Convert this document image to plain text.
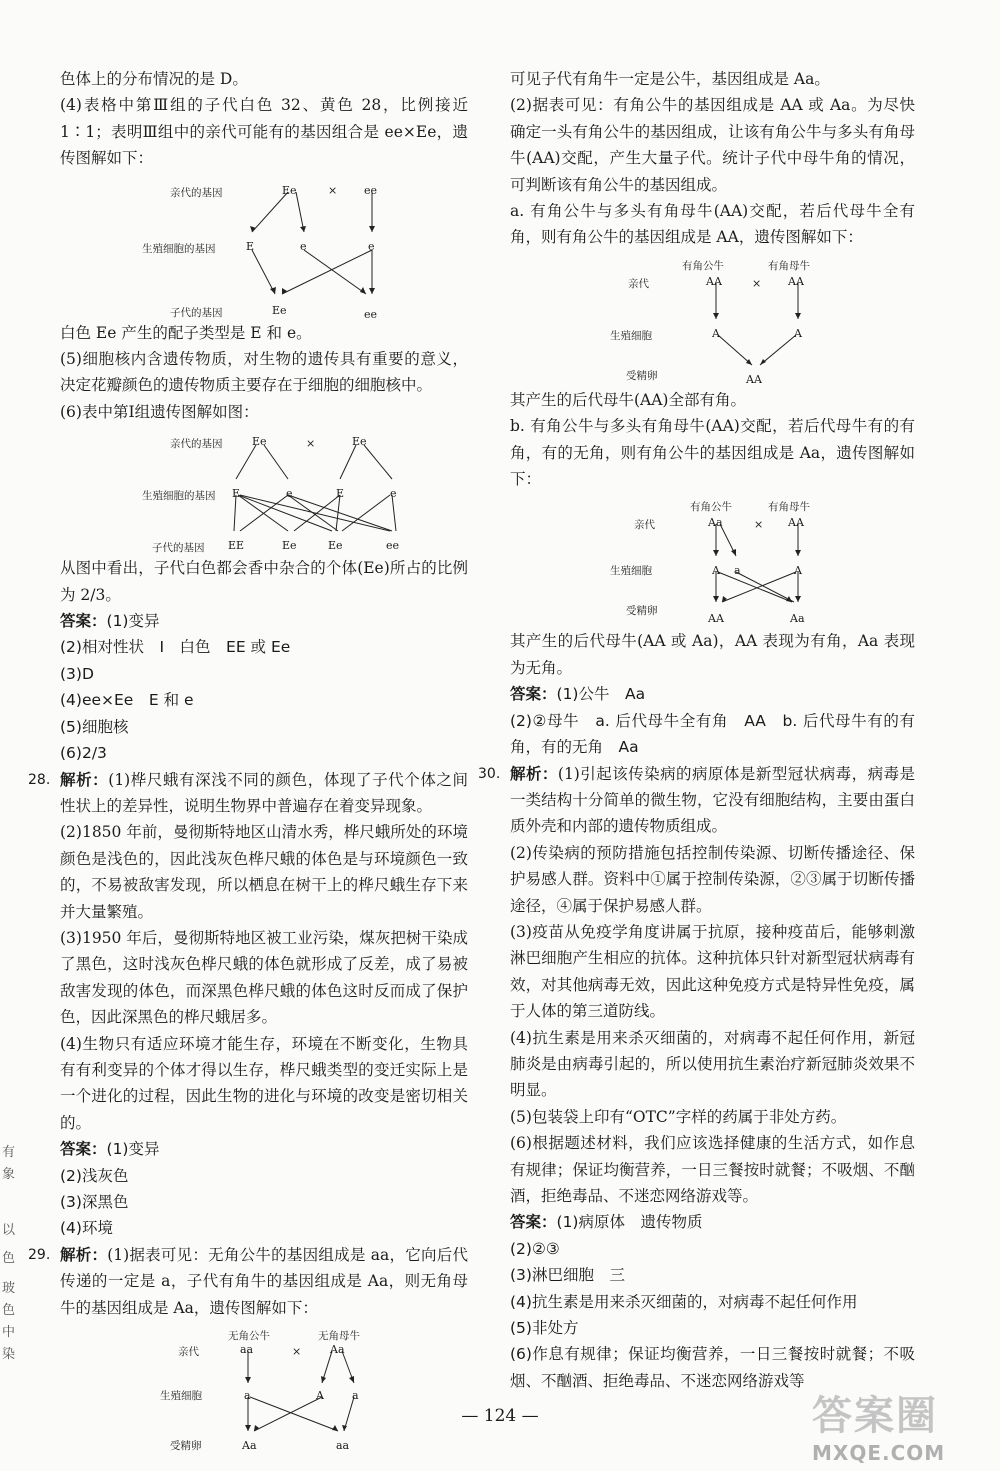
有
象
以
色
玻
色
中
染

色体上的分布情况的是 D。

(4)表格中第Ⅲ组的子代白色 32、黄色 28，比例接近 1∶1；表明Ⅲ组中的亲代可能有的基因组合是 ee×Ee，遗传图解如下：

亲代的基因	Ee	× ee
生殖细胞的基因	E	e	e
子代的基因	Ee	ee

白色 Ee 产生的配子类型是 E 和 e。

(5)细胞核内含遗传物质，对生物的遗传具有重要的意义，决定花瓣颜色的遗传物质主要存在于细胞的细胞核中。

(6)表中第Ⅰ组遗传图解如图：

亲代的基因	Ee	×	Ee
生殖细胞的基因 E	e	E	e
子代的基因 EE	Ee	Ee	ee

从图中看出，子代白色都会香中杂合的个体(Ee)所占的比例为 2/3。

答案：(1)变异

(2)相对性状　Ⅰ　白色　EE 或 Ee

(3)D

(4)ee×Ee　E 和 e

(5)细胞核

(6)2/3

28. 解析：(1)桦尺蛾有深浅不同的颜色，体现了子代个体之间性状上的差异性，说明生物界中普遍存在着变异现象。

(2)1850 年前，曼彻斯特地区山清水秀，桦尺蛾所处的环境颜色是浅色的，因此浅灰色桦尺蛾的体色是与环境颜色一致的，不易被敌害发现，所以栖息在树干上的桦尺蛾生存下来并大量繁殖。

(3)1950 年后，曼彻斯特地区被工业污染，煤灰把树干染成了黑色，这时浅灰色桦尺蛾的体色就形成了反差，成了易被敌害发现的体色，而深黑色桦尺蛾的体色这时反而成了保护色，因此深黑色的桦尺蛾居多。

(4)生物只有适应环境才能生存，环境在不断变化，生物具有有利变异的个体才得以生存，桦尺蛾类型的变迁实际上是一个进化的过程，因此生物的进化与环境的改变是密切相关的。

答案：(1)变异

(2)浅灰色

(3)深黑色

(4)环境

29. 解析：(1)据表可见：无角公牛的基因组成是 aa，它向后代传递的一定是 a，子代有角牛的基因组成是 Aa，则无角母牛的基因组成是 Aa，遗传图解如下：

无角公牛	无角母牛
亲代	aa	×	Aa
生殖细胞	a	A	a
受精卵	Aa	aa

可见子代有角牛一定是公牛，基因组成是 Aa。

(2)据表可见：有角公牛的基因组成是 AA 或 Aa。为尽快确定一头有角公牛的基因组成，让该有角公牛与多头有角母牛(AA)交配，产生大量子代。统计子代中母牛角的情况，可判断该有角公牛的基因组成。

a. 有角公牛与多头有角母牛(AA)交配，若后代母牛全有角，则有角公牛的基因组成是 AA，遗传图解如下：

有角公牛	有角母牛
亲代	AA	× AA
生殖细胞	A	A
受精卵	AA

其产生的后代母牛(AA)全部有角。

b. 有角公牛与多头有角母牛(AA)交配，若后代母牛有的有角，有的无角，则有角公牛的基因组成是 Aa，遗传图解如下：

有角公牛	有角母牛
亲代	Aa	× AA
生殖细胞	A a	A
受精卵
AA	Aa

其产生的后代母牛(AA 或 Aa)，AA 表现为有角，Aa 表现为无角。

答案：(1)公牛　Aa

(2)②母牛　a. 后代母牛全有角　AA　b. 后代母牛有的有角，有的无角　Aa

30. 解析：(1)引起该传染病的病原体是新型冠状病毒，病毒是一类结构十分简单的微生物，它没有细胞结构，主要由蛋白质外壳和内部的遗传物质组成。

(2)传染病的预防措施包括控制传染源、切断传播途径、保护易感人群。资料中①属于控制传染源，②③属于切断传播途径，④属于保护易感人群。

(3)疫苗从免疫学角度讲属于抗原，接种疫苗后，能够刺激淋巴细胞产生相应的抗体。这种抗体只针对新型冠状病毒有效，对其他病毒无效，因此这种免疫方式是特异性免疫，属于人体的第三道防线。

(4)抗生素是用来杀灭细菌的，对病毒不起任何作用，新冠肺炎是由病毒引起的，所以使用抗生素治疗新冠肺炎效果不明显。

(5)包装袋上印有“OTC”字样的药属于非处方药。

(6)根据题述材料，我们应该选择健康的生活方式，如作息有规律；保证均衡营养，一日三餐按时就餐；不吸烟、不酗酒，拒绝毒品、不迷恋网络游戏等。

答案：(1)病原体　遗传物质

(2)②③

(3)淋巴细胞　三

(4)抗生素是用来杀灭细菌的，对病毒不起任何作用

(5)非处方

(6)作息有规律；保证均衡营养，一日三餐按时就餐；不吸烟、不酗酒、拒绝毒品、不迷恋网络游戏等

— 124 —	答案圈
MXQE.COM
